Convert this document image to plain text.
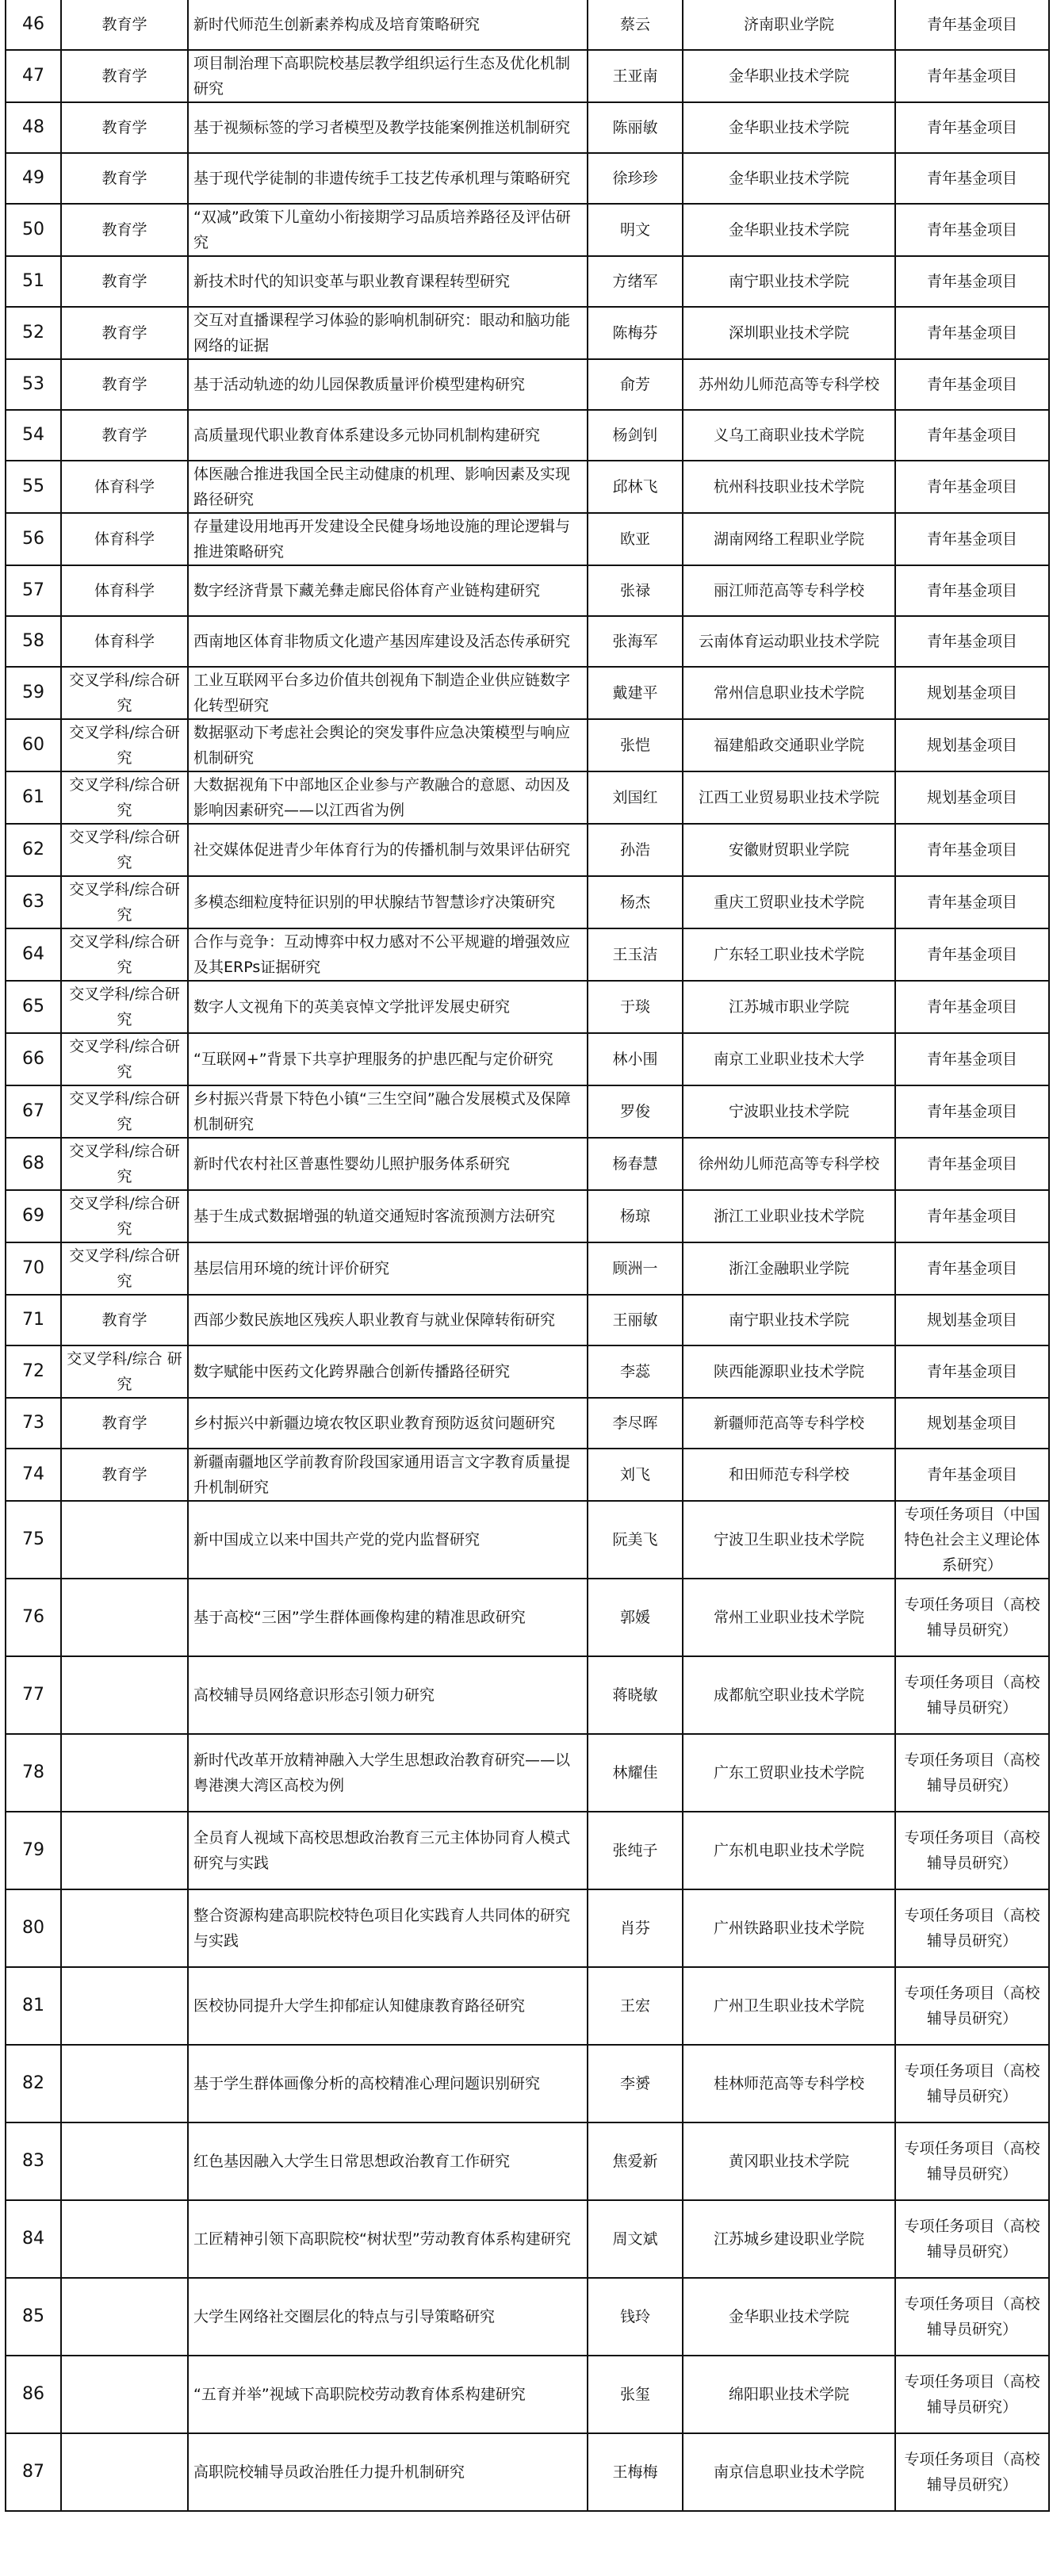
46	教育学	新时代师范生创新素养构成及培育策略研究	蔡云	济南职业学院	青年基金项目
47	教育学	项目制治理下高职院校基层教学组织运行生态及优化机制研究	王亚南	金华职业技术学院	青年基金项目
48	教育学	基于视频标签的学习者模型及教学技能案例推送机制研究	陈丽敏	金华职业技术学院	青年基金项目
49	教育学	基于现代学徒制的非遗传统手工技艺传承机理与策略研究	徐珍珍	金华职业技术学院	青年基金项目
50	教育学	“双减”政策下儿童幼小衔接期学习品质培养路径及评估研究	明文	金华职业技术学院	青年基金项目
51	教育学	新技术时代的知识变革与职业教育课程转型研究	方绪军	南宁职业技术学院	青年基金项目
52	教育学	交互对直播课程学习体验的影响机制研究：眼动和脑功能网络的证据	陈梅芬	深圳职业技术学院	青年基金项目
53	教育学	基于活动轨迹的幼儿园保教质量评价模型建构研究	俞芳	苏州幼儿师范高等专科学校	青年基金项目
54	教育学	高质量现代职业教育体系建设多元协同机制构建研究	杨剑钊	义乌工商职业技术学院	青年基金项目
55	体育科学	体医融合推进我国全民主动健康的机理、影响因素及实现路径研究	邱林飞	杭州科技职业技术学院	青年基金项目
56	体育科学	存量建设用地再开发建设全民健身场地设施的理论逻辑与推进策略研究	欧亚	湖南网络工程职业学院	青年基金项目
57	体育科学	数字经济背景下藏羌彝走廊民俗体育产业链构建研究	张禄	丽江师范高等专科学校	青年基金项目
58	体育科学	西南地区体育非物质文化遗产基因库建设及活态传承研究	张海军	云南体育运动职业技术学院	青年基金项目
59	交叉学科/综合研究	工业互联网平台多边价值共创视角下制造企业供应链数字化转型研究	戴建平	常州信息职业技术学院	规划基金项目
60	交叉学科/综合研究	数据驱动下考虑社会舆论的突发事件应急决策模型与响应机制研究	张恺	福建船政交通职业学院	规划基金项目
61	交叉学科/综合研究	大数据视角下中部地区企业参与产教融合的意愿、动因及影响因素研究——以江西省为例	刘国红	江西工业贸易职业技术学院	规划基金项目
62	交叉学科/综合研究	社交媒体促进青少年体育行为的传播机制与效果评估研究	孙浩	安徽财贸职业学院	青年基金项目
63	交叉学科/综合研究	多模态细粒度特征识别的甲状腺结节智慧诊疗决策研究	杨杰	重庆工贸职业技术学院	青年基金项目
64	交叉学科/综合研究	合作与竞争：互动博弈中权力感对不公平规避的增强效应及其ERPs证据研究	王玉洁	广东轻工职业技术学院	青年基金项目
65	交叉学科/综合研究	数字人文视角下的英美哀悼文学批评发展史研究	于琰	江苏城市职业学院	青年基金项目
66	交叉学科/综合研究	“互联网+”背景下共享护理服务的护患匹配与定价研究	林小围	南京工业职业技术大学	青年基金项目
67	交叉学科/综合研究	乡村振兴背景下特色小镇“三生空间”融合发展模式及保障机制研究	罗俊	宁波职业技术学院	青年基金项目
68	交叉学科/综合研究	新时代农村社区普惠性婴幼儿照护服务体系研究	杨春慧	徐州幼儿师范高等专科学校	青年基金项目
69	交叉学科/综合研究	基于生成式数据增强的轨道交通短时客流预测方法研究	杨琼	浙江工业职业技术学院	青年基金项目
70	交叉学科/综合研究	基层信用环境的统计评价研究	顾洲一	浙江金融职业学院	青年基金项目
71	教育学	西部少数民族地区残疾人职业教育与就业保障转衔研究	王丽敏	南宁职业技术学院	规划基金项目
72	交叉学科/综合 研究	数字赋能中医药文化跨界融合创新传播路径研究	李蕊	陕西能源职业技术学院	青年基金项目
73	教育学	乡村振兴中新疆边境农牧区职业教育预防返贫问题研究	李尽晖	新疆师范高等专科学校	规划基金项目
74	教育学	新疆南疆地区学前教育阶段国家通用语言文字教育质量提升机制研究	刘飞	和田师范专科学校	青年基金项目
75		新中国成立以来中国共产党的党内监督研究	阮美飞	宁波卫生职业技术学院	专项任务项目（中国特色社会主义理论体系研究）
76		基于高校“三困”学生群体画像构建的精准思政研究	郭媛	常州工业职业技术学院	专项任务项目（高校辅导员研究）
77		高校辅导员网络意识形态引领力研究	蒋晓敏	成都航空职业技术学院	专项任务项目（高校辅导员研究）
78		新时代改革开放精神融入大学生思想政治教育研究——以粤港澳大湾区高校为例	林耀佳	广东工贸职业技术学院	专项任务项目（高校辅导员研究）
79		全员育人视域下高校思想政治教育三元主体协同育人模式研究与实践	张纯子	广东机电职业技术学院	专项任务项目（高校辅导员研究）
80		整合资源构建高职院校特色项目化实践育人共同体的研究与实践	肖芬	广州铁路职业技术学院	专项任务项目（高校辅导员研究）
81		医校协同提升大学生抑郁症认知健康教育路径研究	王宏	广州卫生职业技术学院	专项任务项目（高校辅导员研究）
82		基于学生群体画像分析的高校精准心理问题识别研究	李赟	桂林师范高等专科学校	专项任务项目（高校辅导员研究）
83		红色基因融入大学生日常思想政治教育工作研究	焦爱新	黄冈职业技术学院	专项任务项目（高校辅导员研究）
84		工匠精神引领下高职院校“树状型”劳动教育体系构建研究	周文斌	江苏城乡建设职业学院	专项任务项目（高校辅导员研究）
85		大学生网络社交圈层化的特点与引导策略研究	钱玲	金华职业技术学院	专项任务项目（高校辅导员研究）
86		“五育并举”视域下高职院校劳动教育体系构建研究	张玺	绵阳职业技术学院	专项任务项目（高校辅导员研究）
87		高职院校辅导员政治胜任力提升机制研究	王梅梅	南京信息职业技术学院	专项任务项目（高校辅导员研究）
